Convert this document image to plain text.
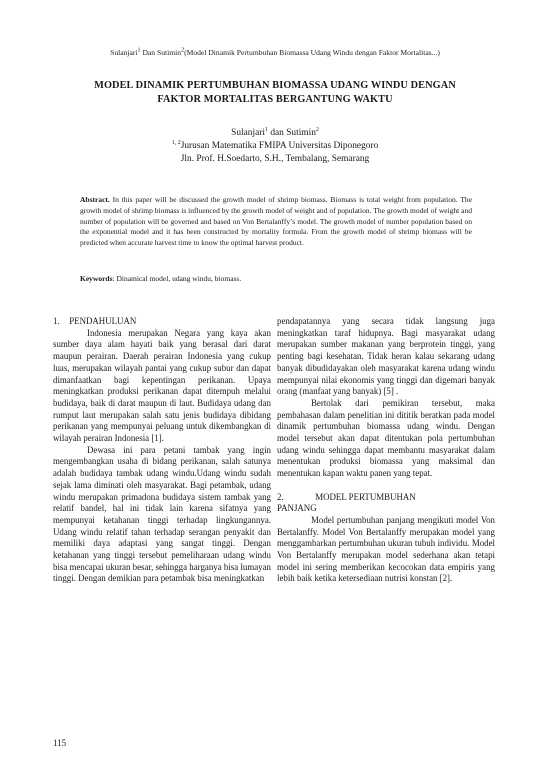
Sulanjari$^1$ Dan Sutimin$^2$(Model Dinamik Pertumbuhan Biomassa Udang Windu dengan Faktor Mortalitas...)
MODEL DINAMIK PERTUMBUHAN BIOMASSA UDANG WINDU DENGAN
FAKTOR MORTALITAS BERGANTUNG WAKTU
Sulanjari$^1$ dan Sutimin$^2$
$^{1, 2}$Jurusan Matematika FMIPA Universitas Diponegoro
Jln. Prof. H.Soedarto, S.H., Tembalang, Semarang
Abstract. In this paper will be discussed the growth model of shrimp biomass. Biomass is total weight from population. The growth model of shrimp biomass is influenced by the growth model of weight and of population. The growth model of weight and number of population will be governed and based on Von Bertalanffy’s model. The growth model of number population based on the exponential model and it has been constructed by mortality formula. From the growth model of shrimp biomass will be predicted when accurate harvest time to know the optimal harvest product.
Keywords: Dinamical model, udang windu, biomass.

1. PENDAHULUAN

Indonesia merupakan Negara yang kaya akan sumber daya alam hayati baik yang berasal dari darat maupun perairan. Daerah perairan Indonesia yang cukup luas, merupakan wilayah pantai yang cukup subur dan dapat dimanfaatkan bagi kepentingan perikanan. Upaya meningkatkan produksi perikanan dapat ditempuh melalui budidaya, baik di darat maupun di laut. Budidaya udang dan rumput laut merupakan salah satu jenis budidaya dibidang perikanan yang mempunyai peluang untuk dikembangkan di wilayah perairan Indonesia [1].

Dewasa ini para petani tambak yang ingin mengembangkan usaha di bidang perikanan, salah satunya adalah budidaya tambak udang windu.Udang windu sudah sejak lama diminati oleh masyarakat. Bagi petambak, udang windu merupakan primadona budidaya sistem tambak yang relatif bandel, hal ini tidak lain karena sifatnya yang mempunyai ketahanan tinggi terhadap lingkungannya. Udang windu relatif tahan terhadap serangan penyakit dan memiliki daya adaptasi yang sangat tinggi. Dengan ketahanan yang tinggi tersebut pemeliharaan udang windu bisa mencapai ukuran besar, sehingga harganya bisa lumayan tinggi. Dengan demikian para petambak bisa meningkatkan

pendapatannya yang secara tidak langsung juga meningkatkan taraf hidupnya. Bagi masyarakat udang merupakan sumber makanan yang berprotein tinggi, yang penting bagi kesehatan. Tidak heran kalau sekarang udang banyak dibudidayakan oleh masyarakat karena udang windu mempunyai nilai ekonomis yang tinggi dan digemari banyak orang (manfaat yang banyak) [5] .

Bertolak dari pemikiran tersebut, maka pembahasan dalam penelitian ini dititik beratkan pada model dinamik pertumbuhan biomassa udang windu. Dengan model tersebut akan dapat ditentukan pola pertumbuhan udang windu sehingga dapat membantu masyarakat dalam menentukan produksi biomassa yang maksimal dan menentukan kapan waktu panen yang tepat.

2.	MODEL PERTUMBUHAN

PANJANG

Model pertumbuhan panjang mengikuti model Von Bertalanffy. Model Von Bertalanffy merupakan model yang menggambarkan pertumbuhan ukuran tubuh individu. Model Von Bertalanffy merupakan model sederhana akan tetapi model ini sering memberikan kecocokan data empiris yang lebih baik ketika ketersediaan nutrisi konstan [2].

115
